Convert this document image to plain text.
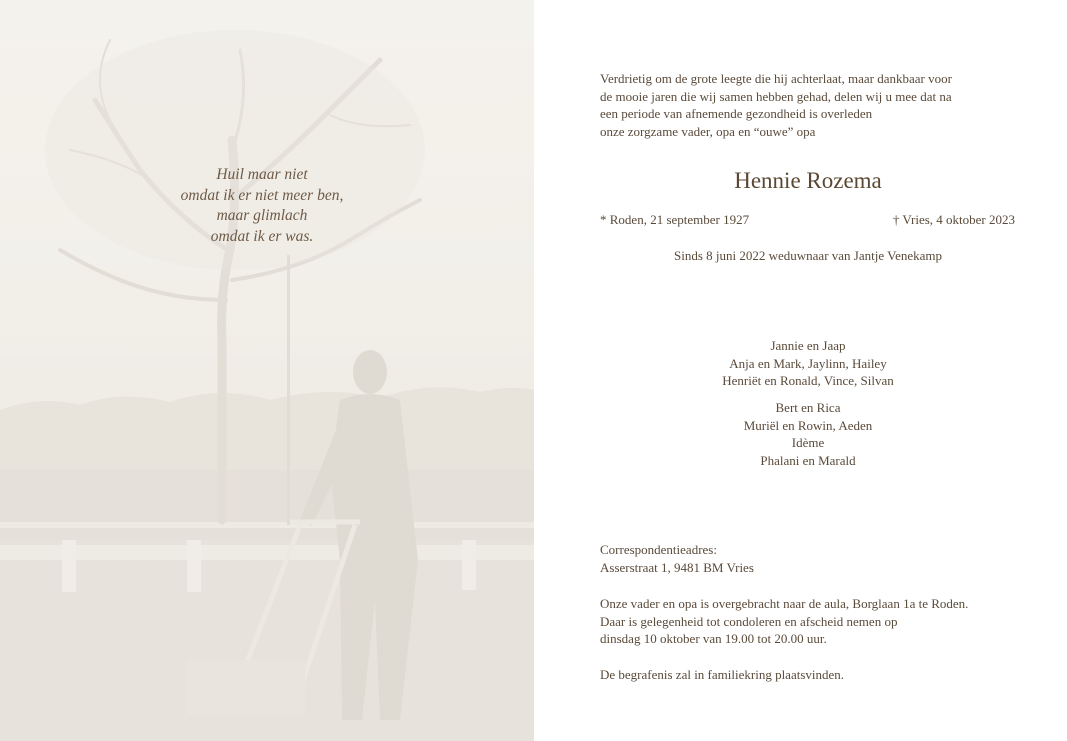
Huil maar niet
omdat ik er niet meer ben,
maar glimlach
omdat ik er was.
Verdrietig om de grote leegte die hij achterlaat, maar dankbaar voor
de mooie jaren die wij samen hebben gehad, delen wij u mee dat na
een periode van afnemende gezondheid is overleden
onze zorgzame vader, opa en “ouwe” opa
Hennie Rozema
* Roden, 21 september 1927	† Vries, 4 oktober 2023
Sinds 8 juni 2022 weduwnaar van Jantje Venekamp
Jannie en Jaap
Anja en Mark, Jaylinn, Hailey
Henriët en Ronald, Vince, Silvan
Bert en Rica
Muriël en Rowin, Aeden
Idème
Phalani en Marald
Correspondentieadres:
Asserstraat 1, 9481 BM Vries
Onze vader en opa is overgebracht naar de aula, Borglaan 1a te Roden.
Daar is gelegenheid tot condoleren en afscheid nemen op
dinsdag 10 oktober van 19.00 tot 20.00 uur.
De begrafenis zal in familiekring plaatsvinden.
